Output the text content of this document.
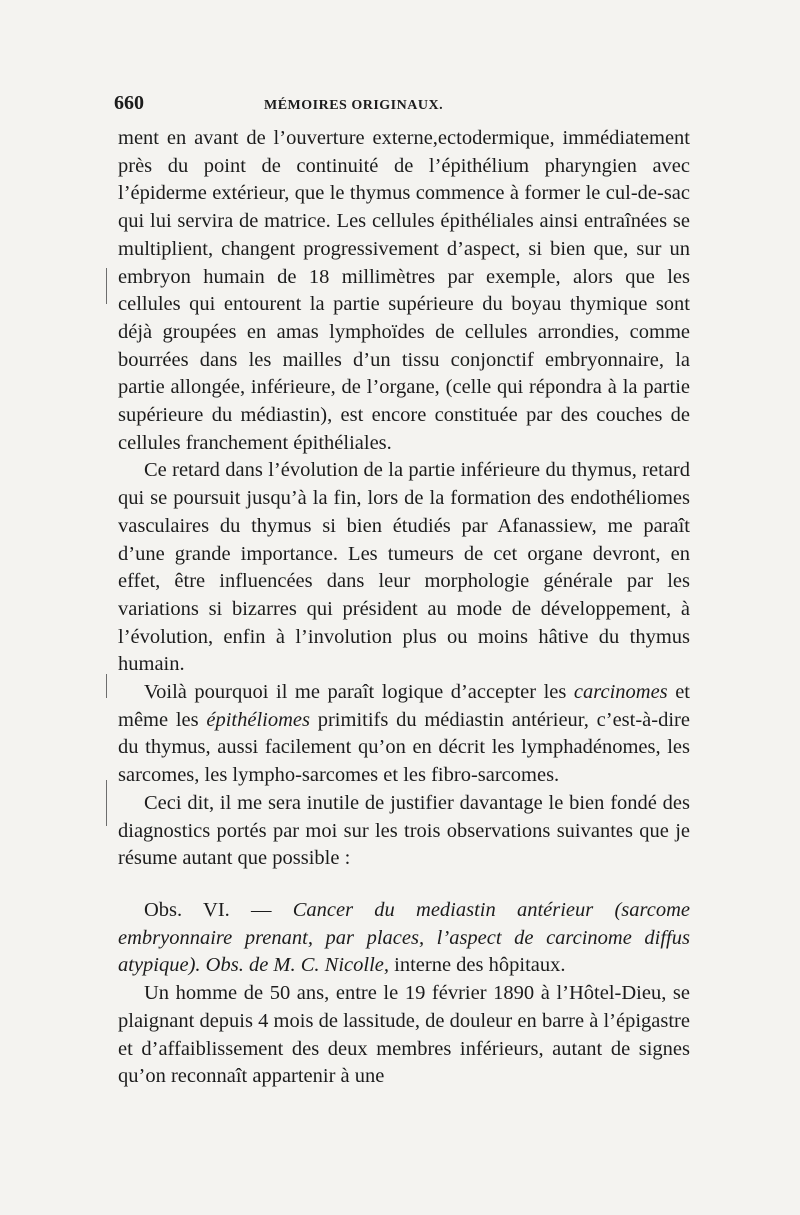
660	MÉMOIRES ORIGINAUX.

ment en avant de l’ouverture externe,ectodermique, immédiatement près du point de continuité de l’épithélium pharyngien avec l’épiderme extérieur, que le thymus commence à former le cul-de-sac qui lui servira de matrice. Les cellules épithéliales ainsi entraînées se multiplient, changent progressivement d’aspect, si bien que, sur un embryon humain de 18 millimètres par exemple, alors que les cellules qui entourent la partie supérieure du boyau thymique sont déjà groupées en amas lymphoïdes de cellules arrondies, comme bourrées dans les mailles d’un tissu conjonctif embryonnaire, la partie allongée, inférieure, de l’organe, (celle qui répondra à la partie supérieure du médiastin), est encore constituée par des couches de cellules franchement épithéliales.

Ce retard dans l’évolution de la partie inférieure du thymus, retard qui se poursuit jusqu’à la fin, lors de la formation des endothéliomes vasculaires du thymus si bien étudiés par Afanassiew, me paraît d’une grande importance. Les tumeurs de cet organe devront, en effet, être influencées dans leur morphologie générale par les variations si bizarres qui président au mode de développement, à l’évolution, enfin à l’involution plus ou moins hâtive du thymus humain.

Voilà pourquoi il me paraît logique d’accepter les carcinomes et même les épithéliomes primitifs du médiastin antérieur, c’est-à-dire du thymus, aussi facilement qu’on en décrit les lymphadénomes, les sarcomes, les lympho-sarcomes et les fibro-sarcomes.

Ceci dit, il me sera inutile de justifier davantage le bien fondé des diagnostics portés par moi sur les trois observations suivantes que je résume autant que possible :

Obs. VI. — Cancer du mediastin antérieur (sarcome embryonnaire prenant, par places, l’aspect de carcinome diffus atypique). Obs. de M. C. Nicolle, interne des hôpitaux.

Un homme de 50 ans, entre le 19 février 1890 à l’Hôtel-Dieu, se plaignant depuis 4 mois de lassitude, de douleur en barre à l’épigastre et d’affaiblissement des deux membres inférieurs, autant de signes qu’on reconnaît appartenir à une
